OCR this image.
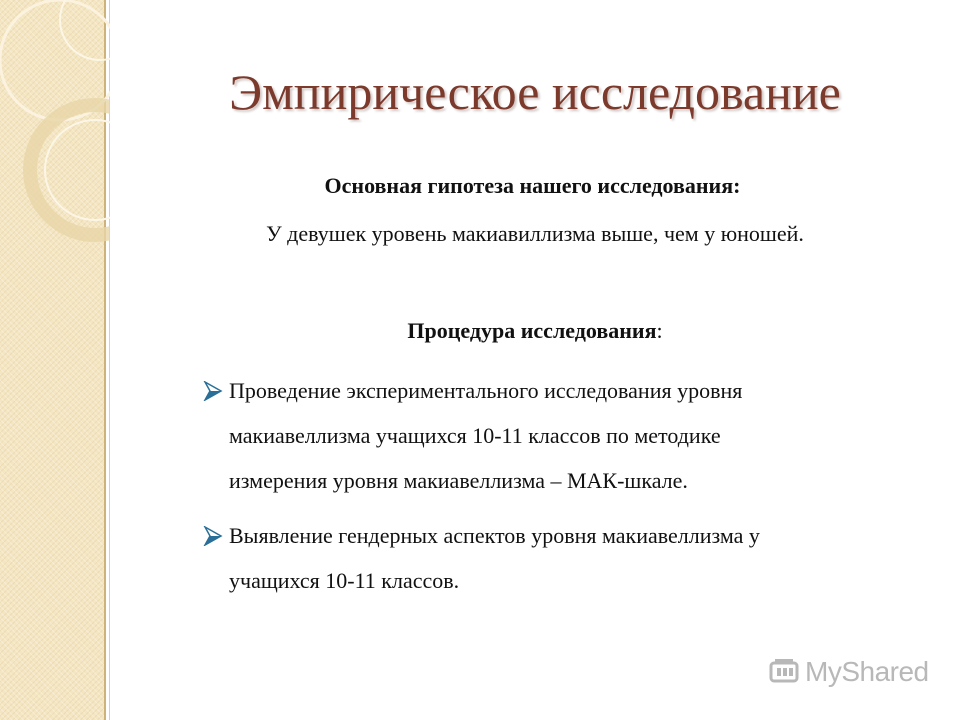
Эмпирическое исследование
Основная гипотеза нашего исследования:
У девушек уровень макиавиллизма выше, чем у юношей.
Процедура исследования:
Проведение экспериментального исследования уровня
макиавеллизма учащихся 10-11 классов по методике
измерения уровня макиавеллизма – МАК-шкале.
Выявление гендерных аспектов уровня макиавеллизма у
учащихся 10-11 классов.
MyShared
